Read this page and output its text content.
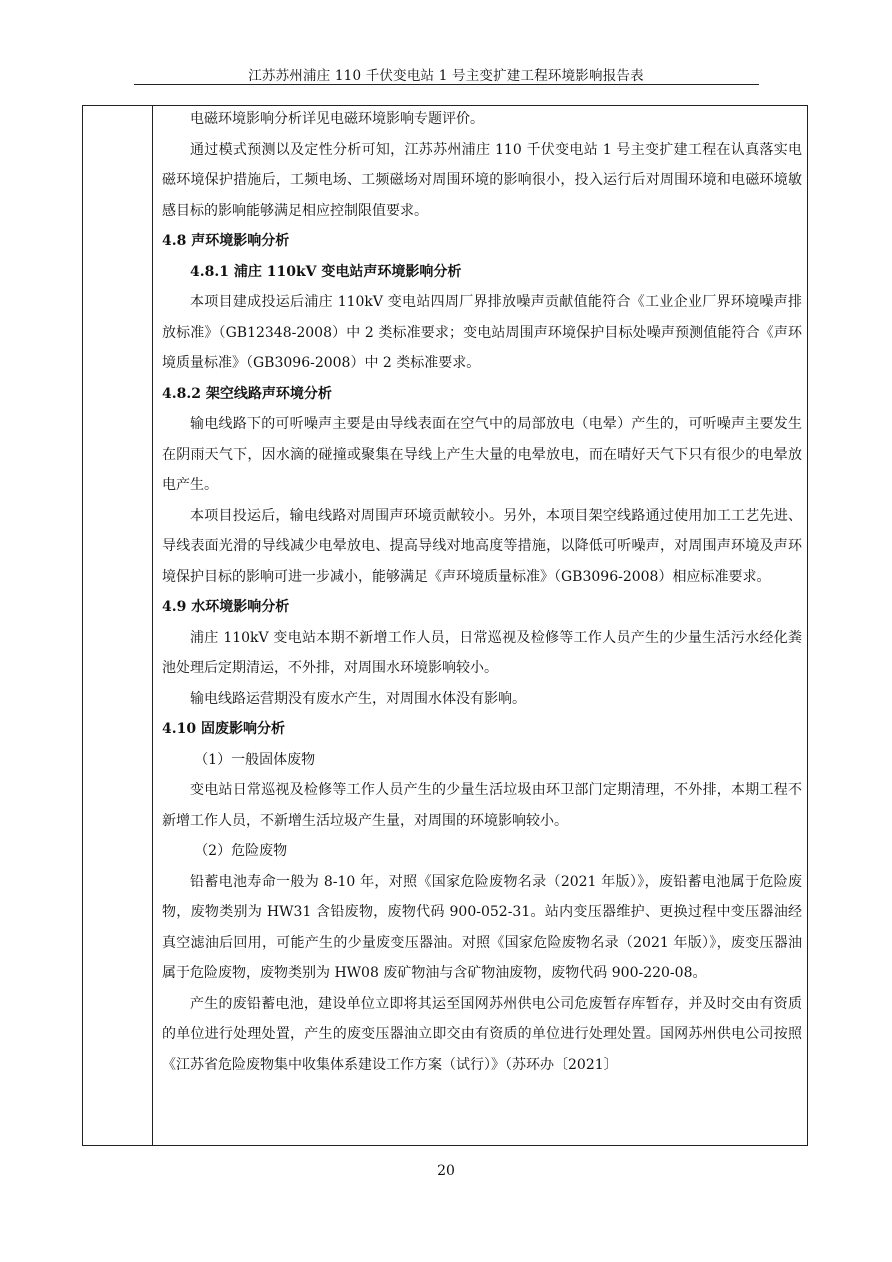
江苏苏州浦庄 110 千伏变电站 1 号主变扩建工程环境影响报告表

电磁环境影响分析详见电磁环境影响专题评价。

通过模式预测以及定性分析可知，江苏苏州浦庄 110 千伏变电站 1 号主变扩建工程在认真落实电磁环境保护措施后，工频电场、工频磁场对周围环境的影响很小，投入运行后对周围环境和电磁环境敏感目标的影响能够满足相应控制限值要求。

4.8 声环境影响分析

4.8.1 浦庄 110kV 变电站声环境影响分析

本项目建成投运后浦庄 110kV 变电站四周厂界排放噪声贡献值能符合《工业企业厂界环境噪声排放标准》（GB12348-2008）中 2 类标准要求；变电站周围声环境保护目标处噪声预测值能符合《声环境质量标准》（GB3096-2008）中 2 类标准要求。

4.8.2 架空线路声环境分析

输电线路下的可听噪声主要是由导线表面在空气中的局部放电（电晕）产生的，可听噪声主要发生在阴雨天气下，因水滴的碰撞或聚集在导线上产生大量的电晕放电，而在晴好天气下只有很少的电晕放电产生。

本项目投运后，输电线路对周围声环境贡献较小。另外，本项目架空线路通过使用加工工艺先进、导线表面光滑的导线减少电晕放电、提高导线对地高度等措施，以降低可听噪声，对周围声环境及声环境保护目标的影响可进一步减小，能够满足《声环境质量标准》（GB3096-2008）相应标准要求。

4.9 水环境影响分析

浦庄 110kV 变电站本期不新增工作人员，日常巡视及检修等工作人员产生的少量生活污水经化粪池处理后定期清运，不外排，对周围水环境影响较小。

输电线路运营期没有废水产生，对周围水体没有影响。

4.10 固废影响分析

（1）一般固体废物

变电站日常巡视及检修等工作人员产生的少量生活垃圾由环卫部门定期清理，不外排，本期工程不新增工作人员，不新增生活垃圾产生量，对周围的环境影响较小。

（2）危险废物

铅蓄电池寿命一般为 8-10 年，对照《国家危险废物名录（2021 年版）》，废铅蓄电池属于危险废物，废物类别为 HW31 含铅废物，废物代码 900-052-31。站内变压器维护、更换过程中变压器油经真空滤油后回用，可能产生的少量废变压器油。对照《国家危险废物名录（2021 年版）》，废变压器油属于危险废物，废物类别为 HW08 废矿物油与含矿物油废物，废物代码 900-220-08。

产生的废铅蓄电池，建设单位立即将其运至国网苏州供电公司危废暂存库暂存，并及时交由有资质的单位进行处理处置，产生的废变压器油立即交由有资质的单位进行处理处置。国网苏州供电公司按照《江苏省危险废物集中收集体系建设工作方案（试行）》（苏环办〔2021〕

20
